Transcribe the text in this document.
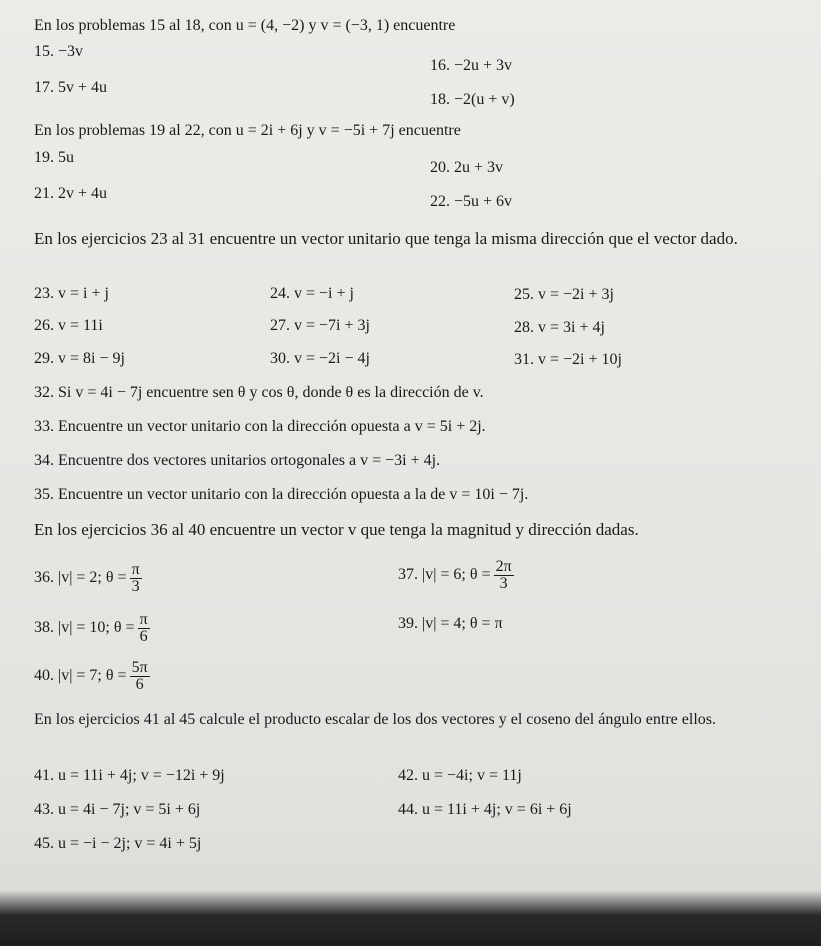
En los problemas 15 al 18, con u = (4, −2) y v = (−3, 1) encuentre
15. −3v
16. −2u + 3v
17. 5v + 4u
18. −2(u + v)
En los problemas 19 al 22, con u = 2i + 6j y v = −5i + 7j encuentre
19. 5u
20. 2u + 3v
21. 2v + 4u	22. −5u + 6v
En los ejercicios 23 al 31 encuentre un vector unitario que tenga la misma dirección que el vector dado.
23. v = i + j	24. v = −i + j	25. v = −2i + 3j
26. v = 11i	27. v = −7i + 3j	28. v = 3i + 4j
29. v = 8i − 9j	30. v = −2i − 4j	31. v = −2i + 10j
32. Si v = 4i − 7j encuentre sen θ y cos θ, donde θ es la dirección de v.
33. Encuentre un vector unitario con la dirección opuesta a v = 5i + 2j.
34. Encuentre dos vectores unitarios ortogonales a v = −3i + 4j.
35. Encuentre un vector unitario con la dirección opuesta a la de v = 10i − 7j.
En los ejercicios 36 al 40 encuentre un vector v que tenga la magnitud y dirección dadas.
36. |v| = 2; $\theta = \frac{\pi}{3}$	37. |v| = 6; $\theta = \frac{2\pi}{3}$
38. |v| = 10; $\theta = \frac{\pi}{6}$	39. |v| = 4; θ = π
40. |v| = 7; $\theta = \frac{5\pi}{6}$
En los ejercicios 41 al 45 calcule el producto escalar de los dos vectores y el coseno del ángulo entre ellos.
41. u = 11i + 4j; v = −12i + 9j	42. u = −4i; v = 11j
43. u = 4i − 7j; v = 5i + 6j	44. u = 11i + 4j; v = 6i + 6j
45. u = −i − 2j; v = 4i + 5j
